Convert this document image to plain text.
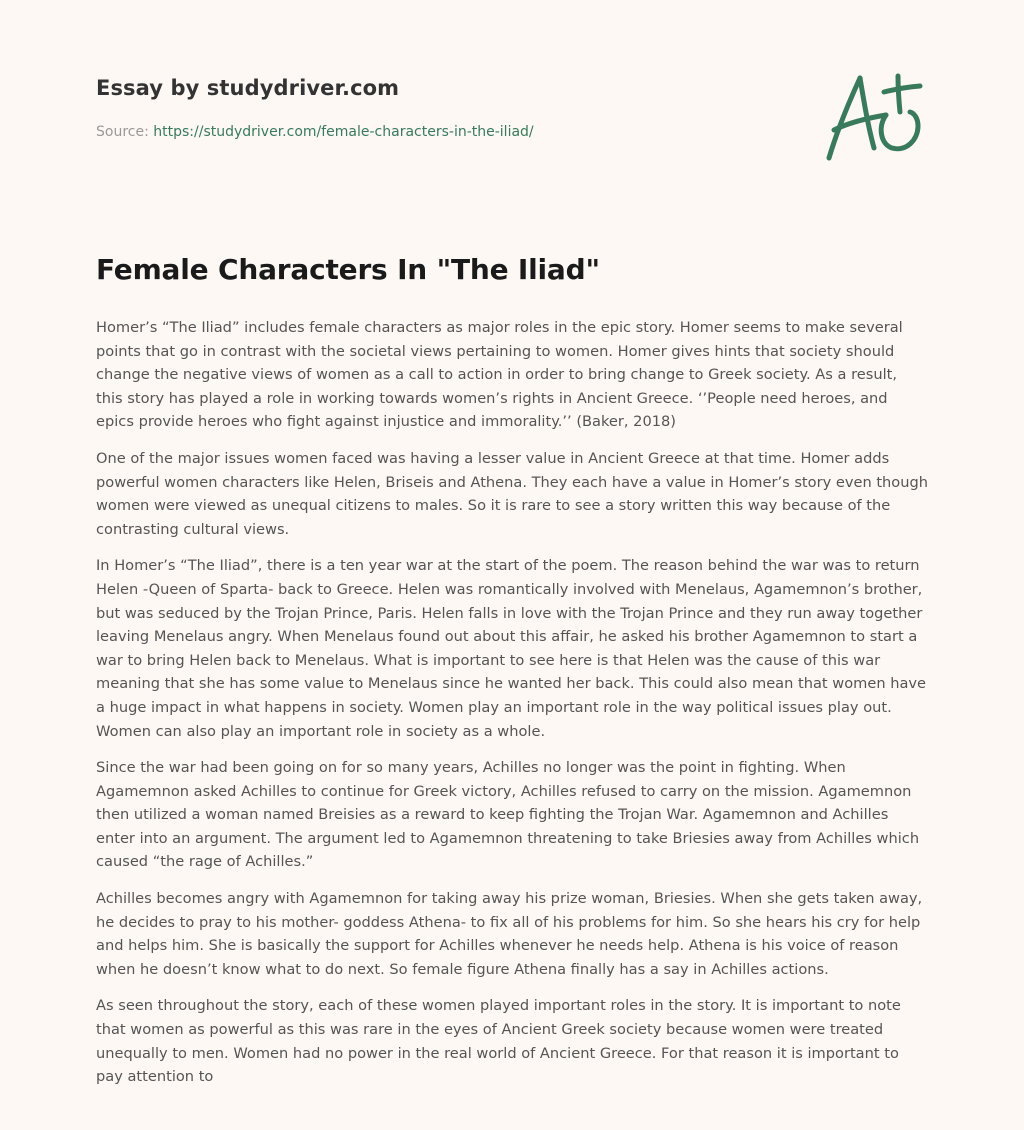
Essay by studydriver.com
Source: https://studydriver.com/female-characters-in-the-iliad/
Female Characters In "The Iliad"

Homer’s “The Iliad” includes female characters as major roles in the epic story. Homer seems to make several points that go in contrast with the societal views pertaining to women. Homer gives hints that society should change the negative views of women as a call to action in order to bring change to Greek society. As a result, this story has played a role in working towards women’s rights in Ancient Greece. ‘’People need heroes, and epics provide heroes who fight against injustice and immorality.’’ (Baker, 2018)

One of the major issues women faced was having a lesser value in Ancient Greece at that time. Homer adds powerful women characters like Helen, Briseis and Athena. They each have a value in Homer’s story even though women were viewed as unequal citizens to males. So it is rare to see a story written this way because of the contrasting cultural views.

In Homer’s “The Iliad”, there is a ten year war at the start of the poem. The reason behind the war was to return Helen -Queen of Sparta- back to Greece. Helen was romantically involved with Menelaus, Agamemnon’s brother, but was seduced by the Trojan Prince, Paris. Helen falls in love with the Trojan Prince and they run away together leaving Menelaus angry. When Menelaus found out about this affair, he asked his brother Agamemnon to start a war to bring Helen back to Menelaus. What is important to see here is that Helen was the cause of this war meaning that she has some value to Menelaus since he wanted her back. This could also mean that women have a huge impact in what happens in society. Women play an important role in the way political issues play out. Women can also play an important role in society as a whole.

Since the war had been going on for so many years, Achilles no longer was the point in fighting. When Agamemnon asked Achilles to continue for Greek victory, Achilles refused to carry on the mission. Agamemnon then utilized a woman named Breisies as a reward to keep fighting the Trojan War. Agamemnon and Achilles enter into an argument. The argument led to Agamemnon threatening to take Briesies away from Achilles which caused “the rage of Achilles.”

Achilles becomes angry with Agamemnon for taking away his prize woman, Briesies. When she gets taken away, he decides to pray to his mother- goddess Athena- to fix all of his problems for him. So she hears his cry for help and helps him. She is basically the support for Achilles whenever he needs help. Athena is his voice of reason when he doesn’t know what to do next. So female figure Athena finally has a say in Achilles actions.

As seen throughout the story, each of these women played important roles in the story. It is important to note that women as powerful as this was rare in the eyes of Ancient Greek society because women were treated unequally to men. Women had no power in the real world of Ancient Greece. For that reason it is important to pay attention to
